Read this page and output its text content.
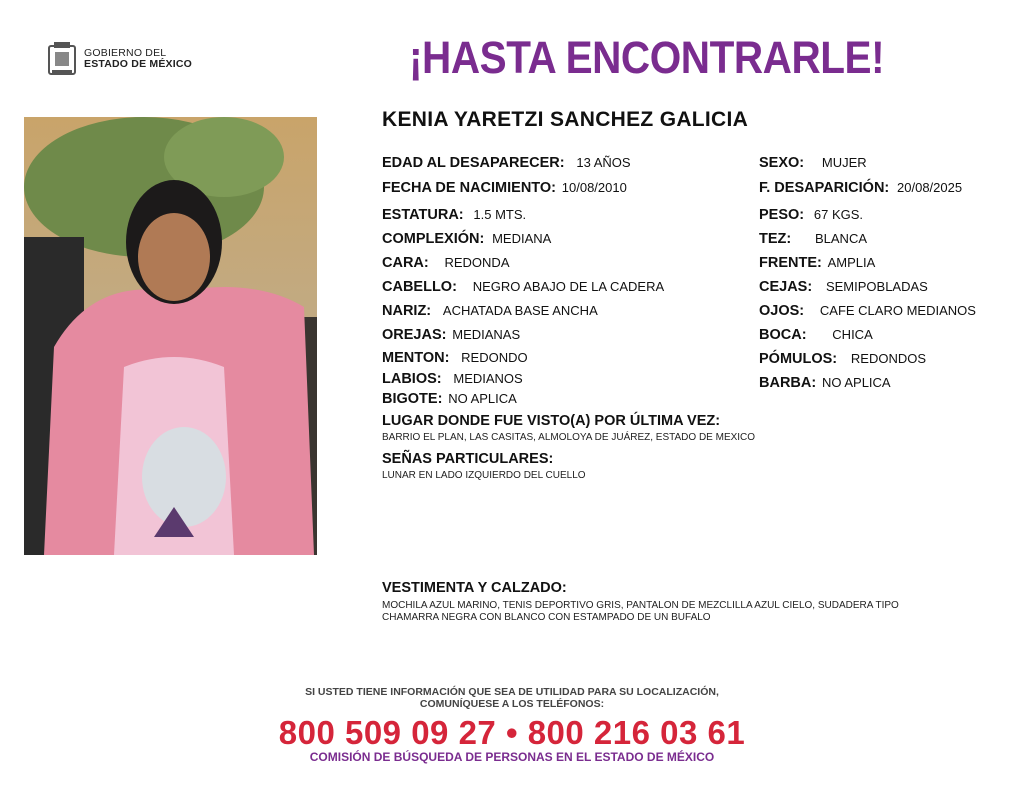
GOBIERNO DEL
ESTADO DE MÉXICO	¡HASTA ENCONTRARLE!
KENIA YARETZI SANCHEZ GALICIA
EDAD AL DESAPARECER: 13 AÑOS
FECHA DE NACIMIENTO: 10/08/2010
ESTATURA: 1.5 MTS.
COMPLEXIÓN: MEDIANA
CARA: REDONDA
CABELLO: NEGRO ABAJO DE LA CADERA
NARIZ: ACHATADA BASE ANCHA
OREJAS: MEDIANAS
MENTON: REDONDO
LABIOS: MEDIANOS
BIGOTE: NO APLICA
SEXO: MUJER
F. DESAPARICIÓN: 20/08/2025
PESO: 67 KGS.
TEZ: BLANCA
FRENTE: AMPLIA
CEJAS: SEMIPOBLADAS
OJOS: CAFE CLARO MEDIANOS
BOCA: CHICA
PÓMULOS: REDONDOS
BARBA: NO APLICA
LUGAR DONDE FUE VISTO(A) POR ÚLTIMA VEZ:
BARRIO EL PLAN, LAS CASITAS, ALMOLOYA DE JUÁREZ, ESTADO DE MEXICO
SEÑAS PARTICULARES:
LUNAR EN LADO IZQUIERDO DEL CUELLO
VESTIMENTA Y CALZADO:
MOCHILA AZUL MARINO, TENIS DEPORTIVO GRIS, PANTALON DE MEZCLILLA AZUL CIELO, SUDADERA TIPO
CHAMARRA NEGRA CON BLANCO CON ESTAMPADO DE UN BUFALO
SI USTED TIENE INFORMACIÓN QUE SEA DE UTILIDAD PARA SU LOCALIZACIÓN,
COMUNÍQUESE A LOS TELÉFONOS:
800 509 09 27 • 800 216 03 61
COMISIÓN DE BÚSQUEDA DE PERSONAS EN EL ESTADO DE MÉXICO
